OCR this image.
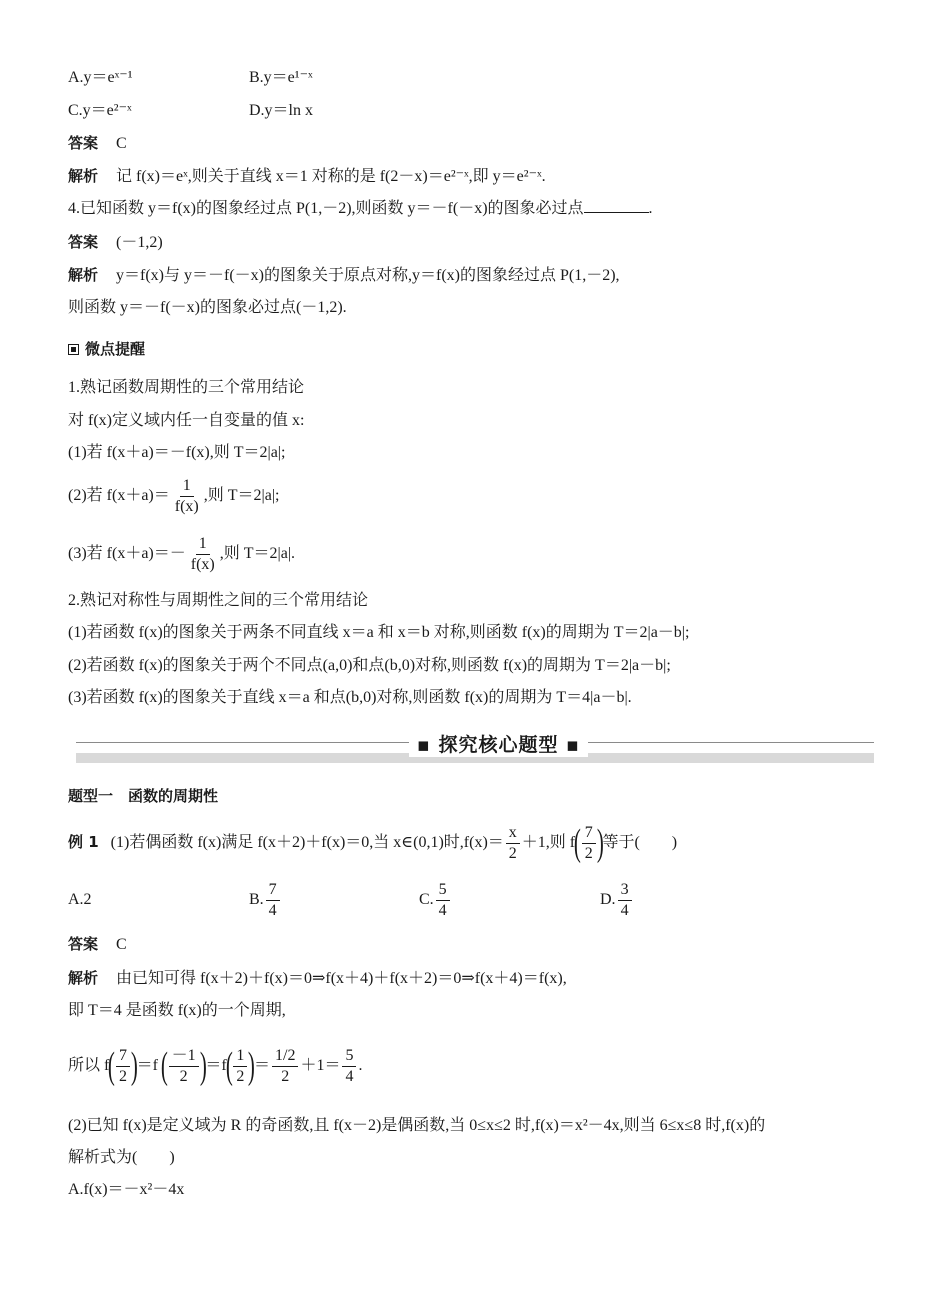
A.y＝eˣ⁻¹	B.y＝e¹⁻ˣ
C.y＝e²⁻ˣ	D.y＝ln x
答案 C
解析 记 f(x)＝eˣ,则关于直线 x＝1 对称的是 f(2－x)＝e²⁻ˣ,即 y＝e²⁻ˣ.
4.已知函数 y＝f(x)的图象经过点 P(1,－2),则函数 y＝－f(－x)的图象必过点	.
答案 (－1,2)
解析 y＝f(x)与 y＝－f(－x)的图象关于原点对称,y＝f(x)的图象经过点 P(1,－2),
则函数 y＝－f(－x)的图象必过点(－1,2).
微点提醒
1.熟记函数周期性的三个常用结论
对 f(x)定义域内任一自变量的值 x:
(1)若 f(x＋a)＝－f(x),则 T＝2|a|;
(2)若 $f(x+a)= \frac{1}{f(x)}$ ,则 T＝2|a|;
(3)若 $f(x+a)=- \frac{1}{f(x)}$ ,则 T＝2|a|.
2.熟记对称性与周期性之间的三个常用结论
(1)若函数 f(x)的图象关于两条不同直线 x＝a 和 x＝b 对称,则函数 f(x)的周期为 T＝2|a－b|;
(2)若函数 f(x)的图象关于两个不同点(a,0)和点(b,0)对称,则函数 f(x)的周期为 T＝2|a－b|;
(3)若函数 f(x)的图象关于直线 x＝a 和点(b,0)对称,则函数 f(x)的周期为 T＝4|a－b|.
▪ 探究核心题型 ▪
题型一　函数的周期性
例 1 (1)若偶函数 f(x)满足 f(x＋2)＋f(x)＝0,当 x∈(0,1)时$,f(x)= \frac{x}{2} +1$,则 $f( \frac{7}{2}$ )等于(　　)
A.2	B. $\frac{7}{4}$	C. $\frac{5}{4}$	D. $\frac{3}{4}$
答案 C
解析 由已知可得 f(x＋2)＋f(x)＝0⇒f(x＋4)＋f(x＋2)＝0⇒f(x＋4)＝f(x),
即 T＝4 是函数 f(x)的一个周期,
所以 $f( \frac{7}{2} )=f$ ( $\frac{-1}{2} )=f( \frac{1}{2}$ )＝ $\frac{1/2}{2} +1= \frac{5}{4}$ .
(2)已知 f(x)是定义域为 R 的奇函数,且 f(x－2)是偶函数,当 0≤x≤2 时,f(x)＝x²－4x,则当 6≤x≤8 时,f(x)的
解析式为(　　)
A.f(x)＝－x²－4x
